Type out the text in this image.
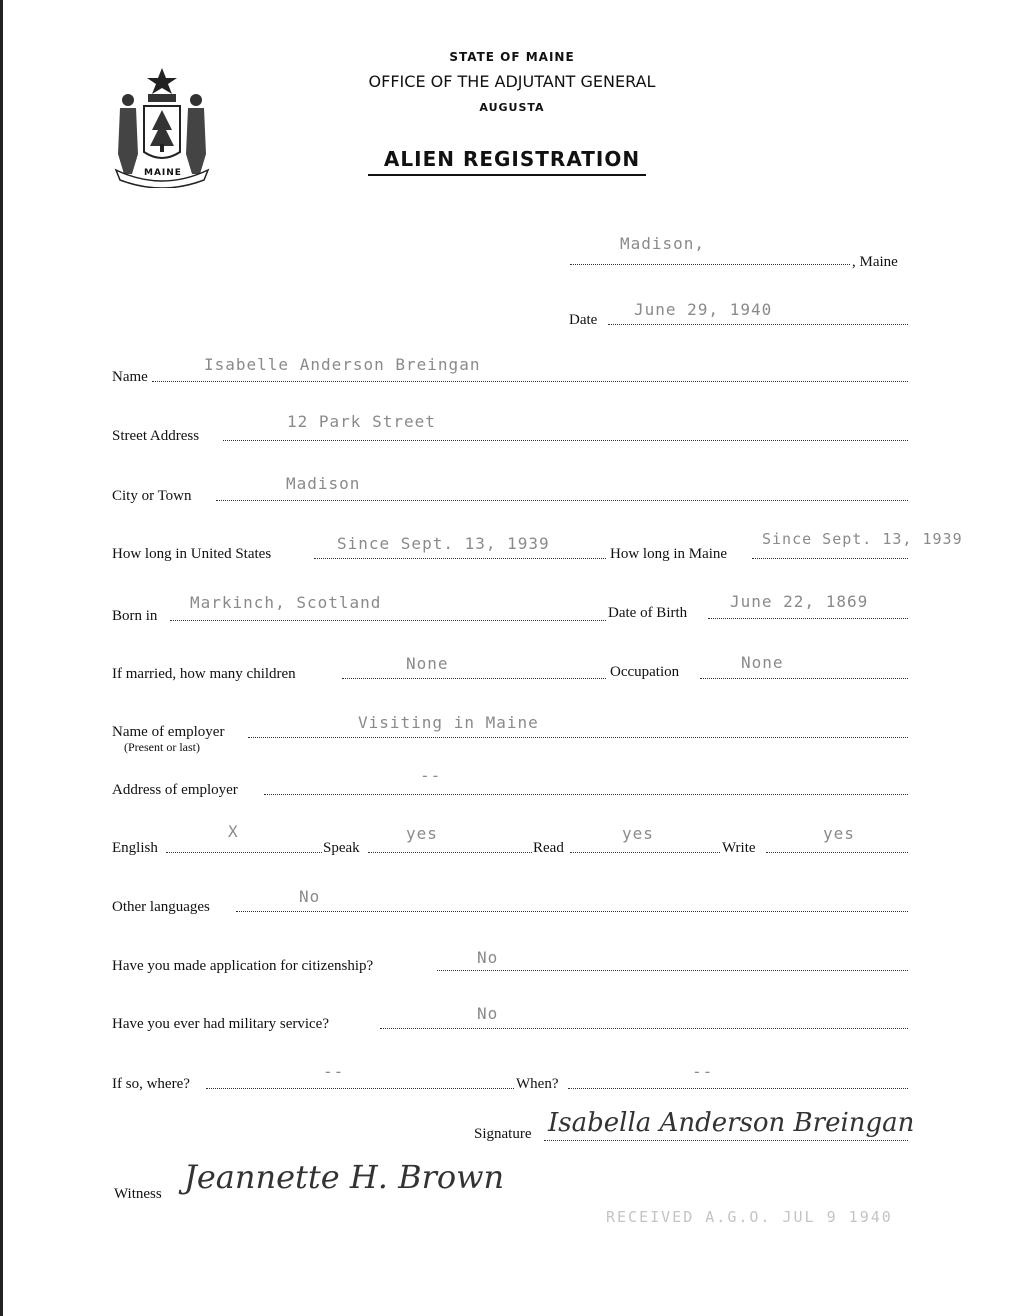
MAINE
STATE OF MAINE
OFFICE OF THE ADJUTANT GENERAL
AUGUSTA
ALIEN REGISTRATION
Madison,
, Maine
Date
June 29, 1940
Name
Isabelle Anderson Breingan
Street Address
12 Park Street
City or Town
Madison
How long in United States
Since Sept. 13, 1939
How long in Maine
Since Sept. 13, 1939
Born in
Markinch, Scotland
Date of Birth
June 22, 1869
If married, how many children
None	Occupation	None
Name of employer
(Present or last)
Visiting in Maine
Address of employer
--
English
X
Speak
yes
Read
yes
Write
yes
Other languages
No
Have you made application for citizenship?	No
Have you ever had military service?
No
If so, where?
--
When?
--
Signature Isabella Anderson Breingan
Witness Jeannette H. Brown
RECEIVED A.G.O. JUL 9 1940
